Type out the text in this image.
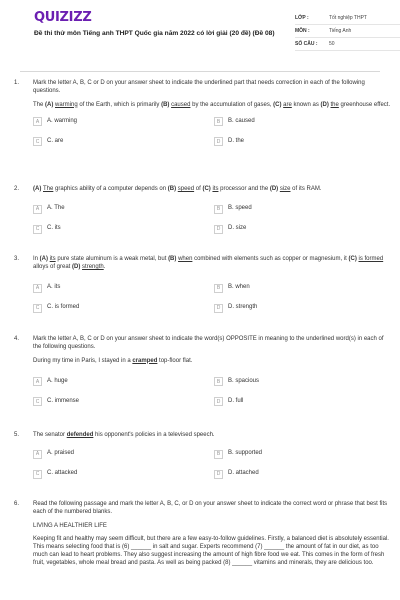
QUIZIZZ
Đề thi thử môn Tiếng anh THPT Quốc gia năm 2022 có lời giải (20 đề) (Đề 08)
LỚP :	Tốt nghiệp THPT
MÔN :	Tiếng Anh
SỐ CÂU :	50
1. Mark the letter A, B, C or D on your answer sheet to indicate the underlined part that needs correction in each of the following questions.

The (A) warming of the Earth, which is primarily (B) caused by the accumulation of gases, (C) are known as (D) the greenhouse effect.

A	A. warming	B	B. caused
C	C. are	D	D. the
2. (A) The graphics ability of a computer depends on (B) speed of (C) its processor and the (D) size of its RAM.

A	A. The	B	B. speed
C	C. its	D	D. size
3. In (A) its pure state aluminum is a weak metal, but (B) when combined with elements such as copper or magnesium, it (C) is formed alloys of great (D) strength.

A	A. its	B	B. when
C	C. is formed	D	D. strength
4. Mark the letter A, B, C or D on your answer sheet to indicate the word(s) OPPOSITE in meaning to the underlined word(s) in each of the following questions.

During my time in Paris, I stayed in a cramped top-floor flat.

A	A. huge	B	B. spacious
C	C. immense	D	D. full
5. The senator defended his opponent's policies in a televised speech.

A	A. praised	B	B. supported
C	C. attacked	D	D. attached
6. Read the following passage and mark the letter A, B, C, or D on your answer sheet to indicate the correct word or phrase that best fits each of the numbered blanks.

LIVING A HEALTHIER LIFE

Keeping fit and healthy may seem difficult, but there are a few easy-to-follow guidelines. Firstly, a balanced diet is absolutely essential. This means selecting food that is (6) ______ in salt and sugar. Experts recommend (7) ______ the amount of fat in our diet, as too much can lead to heart problems. They also suggest increasing the amount of high fibre food we eat. This comes in the form of fresh fruit, vegetables, whole meal bread and pasta. As well as being packed (8) ______ vitamins and minerals, they are delicious too.
